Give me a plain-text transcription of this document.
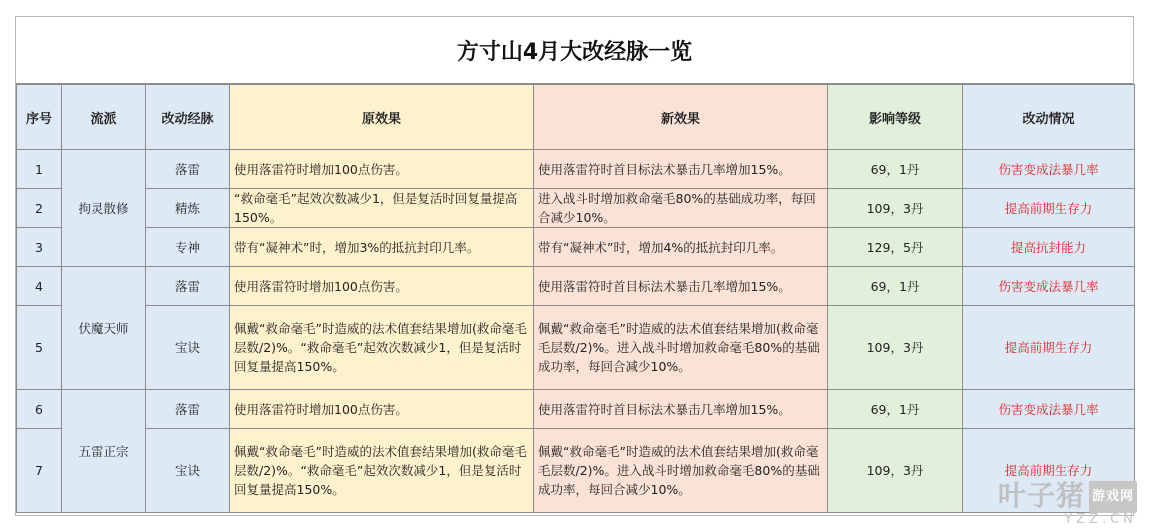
方寸山4月大改经脉一览
序号	流派	改动经脉	原效果	新效果	影响等级	改动情况
1	拘灵散修	落雷	使用落雷符时增加100点伤害。	使用落雷符时首目标法术暴击几率增加15%。	69，1丹	伤害变成法暴几率
2		精炼	“救命毫毛”起效次数减少1，但是复活时回复量提高150%。	进入战斗时增加救命毫毛80%的基础成功率，每回合减少10%。	109，3丹	提高前期生存力
3		专神	带有“凝神术”时，增加3%的抵抗封印几率。	带有“凝神术”时，增加4%的抵抗封印几率。	129，5丹	提高抗封能力
4	伏魔天师	落雷	使用落雷符时增加100点伤害。	使用落雷符时首目标法术暴击几率增加15%。	69，1丹	伤害变成法暴几率
5		宝诀	佩戴“救命毫毛”时造威的法术值套结果增加(救命毫毛层数/2)%。“救命毫毛”起效次数减少1，但是复活时回复量提高150%。	佩戴“救命毫毛”时造威的法术值套结果增加(救命毫毛层数/2)%。进入战斗时增加救命毫毛80%的基础成功率，每回合减少10%。	109，3丹	提高前期生存力
6	五雷正宗	落雷	使用落雷符时增加100点伤害。	使用落雷符时首目标法术暴击几率增加15%。	69，1丹	伤害变成法暴几率
7		宝诀	佩戴“救命毫毛”时造威的法术值套结果增加(救命毫毛层数/2)%。“救命毫毛”起效次数减少1，但是复活时回复量提高150%。	佩戴“救命毫毛”时造威的法术值套结果增加(救命毫毛层数/2)%。进入战斗时增加救命毫毛80%的基础成功率，每回合减少10%。	109，3丹	提高前期生存力
叶子猪 游戏网
YZZ.CN
